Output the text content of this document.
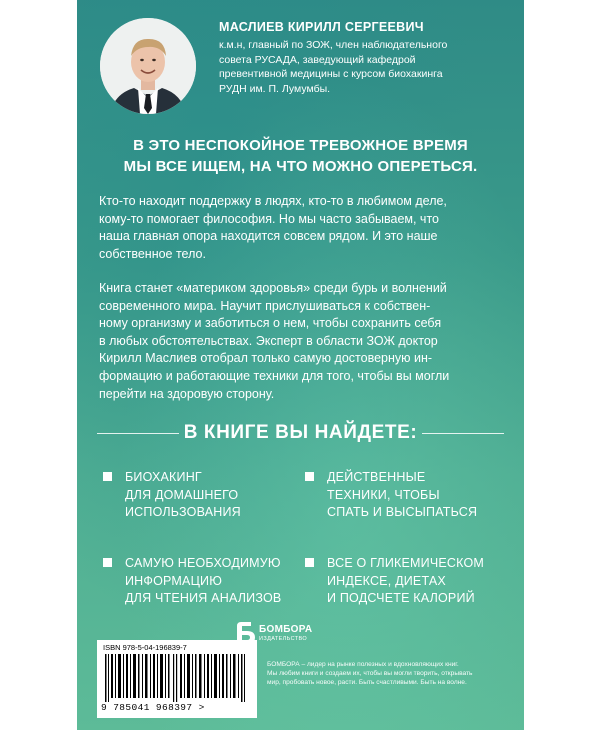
МАСЛИЕВ КИРИЛЛ СЕРГЕЕВИЧ
к.м.н, главный по ЗОЖ, член наблюдательного
совета РУСАДА, заведующий кафедрой
превентивной медицины с курсом биохакинга
РУДН им. П. Лумумбы.
В ЭТО НЕСПОКОЙНОЕ ТРЕВОЖНОЕ ВРЕМЯ
МЫ ВСЕ ИЩЕМ, НА ЧТО МОЖНО ОПЕРЕТЬСЯ.
Кто-то находит поддержку в людях, кто-то в любимом деле,
кому-то помогает философия. Но мы часто забываем, что
наша главная опора находится совсем рядом. И это наше
собственное тело.
Книга станет «материком здоровья» среди бурь и волнений
современного мира. Научит прислушиваться к собствен-
ному организму и заботиться о нем, чтобы сохранить себя
в любых обстоятельствах. Эксперт в области ЗОЖ доктор
Кирилл Маслиев отобрал только самую достоверную ин-
формацию и работающие техники для того, чтобы вы могли
перейти на здоровую сторону.
В КНИГЕ ВЫ НАЙДЕТЕ:
БИОХАКИНГ
ДЛЯ ДОМАШНЕГО
ИСПОЛЬЗОВАНИЯ
ДЕЙСТВЕННЫЕ
ТЕХНИКИ, ЧТОБЫ
СПАТЬ И ВЫСЫПАТЬСЯ
САМУЮ НЕОБХОДИМУЮ
ИНФОРМАЦИЮ
ДЛЯ ЧТЕНИЯ АНАЛИЗОВ
ВСЕ О ГЛИКЕМИЧЕСКОМ
ИНДЕКСЕ, ДИЕТАХ
И ПОДСЧЕТЕ КАЛОРИЙ
ISBN 978-5-04-196839-7
9 785041 968397 >
БОМБОРА
ИЗДАТЕЛЬСТВО
БОМБОРА – лидер на рынке полезных и вдохновляющих книг.
Мы любим книги и создаем их, чтобы вы могли творить, открывать
мир, пробовать новое, расти. Быть счастливыми. Быть на волне.
